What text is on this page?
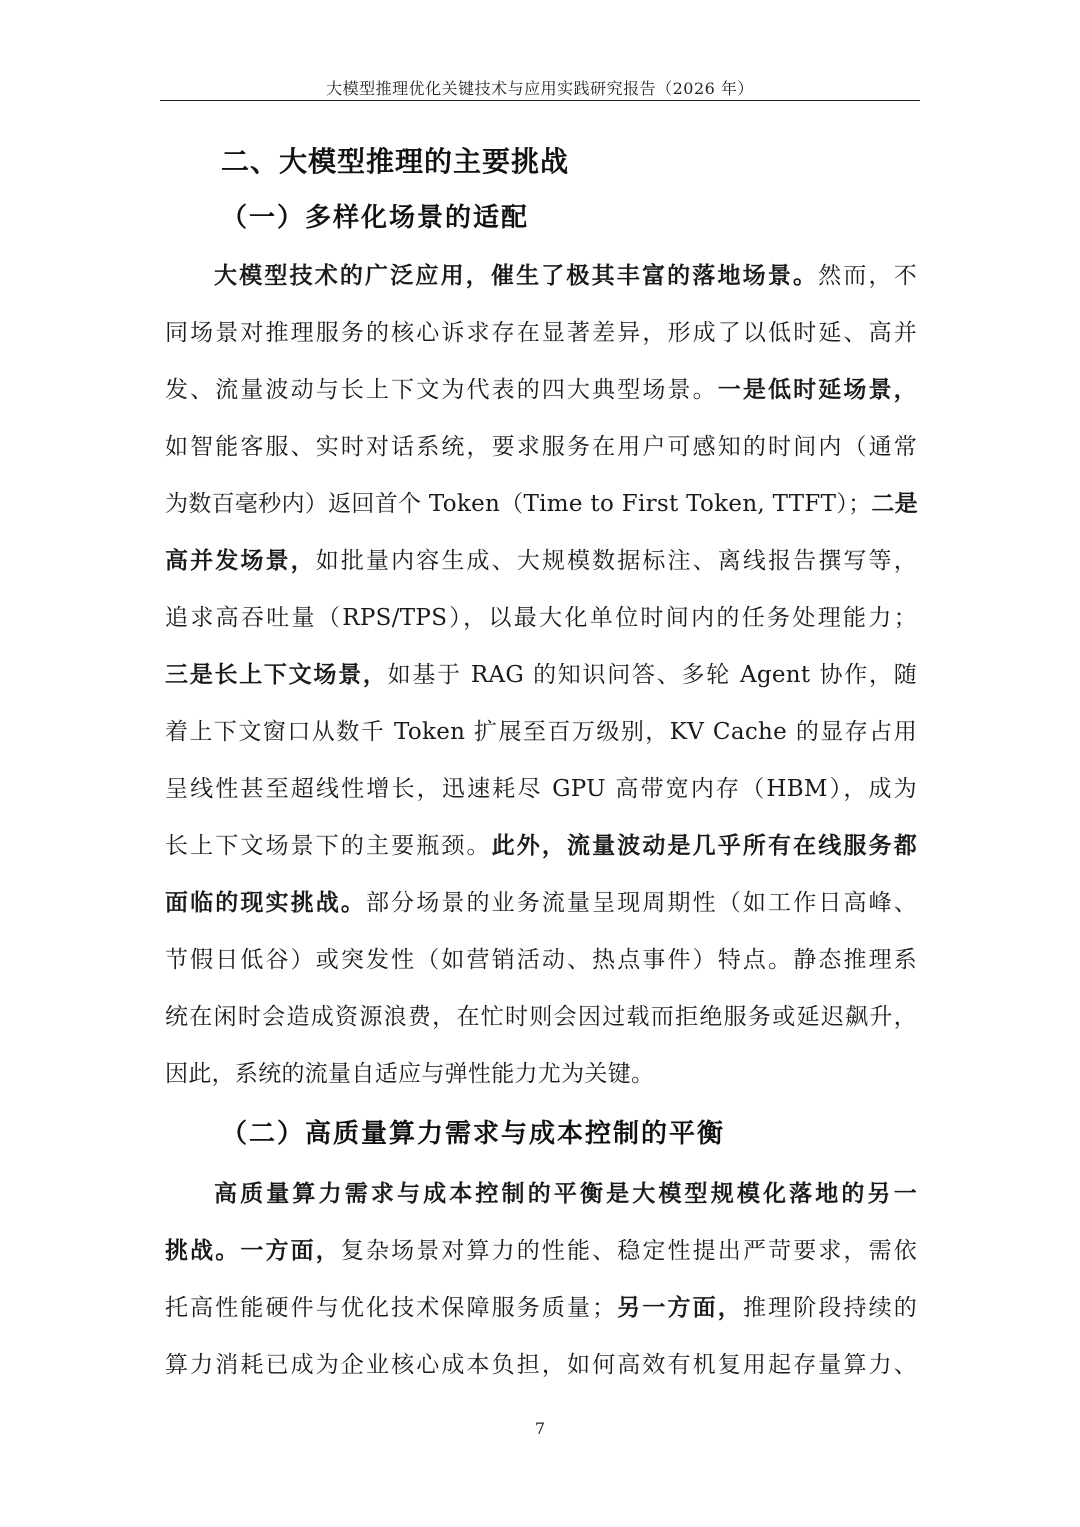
大模型推理优化关键技术与应用实践研究报告（2026 年）
二、大模型推理的主要挑战
（一）多样化场景的适配
大模型技术的广泛应用，催生了极其丰富的落地场景。然而，不
同场景对推理服务的核心诉求存在显著差异，形成了以低时延、高并
发、流量波动与长上下文为代表的四大典型场景。一是低时延场景，
如智能客服、实时对话系统，要求服务在用户可感知的时间内（通常
为数百毫秒内）返回首个 Token（Time to First Token, TTFT）；二是
高并发场景，如批量内容生成、大规模数据标注、离线报告撰写等，
追求高吞吐量（RPS/TPS），以最大化单位时间内的任务处理能力；
三是长上下文场景，如基于 RAG 的知识问答、多轮 Agent 协作，随
着上下文窗口从数千 Token 扩展至百万级别，KV Cache 的显存占用
呈线性甚至超线性增长，迅速耗尽 GPU 高带宽内存（HBM），成为
长上下文场景下的主要瓶颈。此外，流量波动是几乎所有在线服务都
面临的现实挑战。部分场景的业务流量呈现周期性（如工作日高峰、
节假日低谷）或突发性（如营销活动、热点事件）特点。静态推理系
统在闲时会造成资源浪费，在忙时则会因过载而拒绝服务或延迟飙升，
因此，系统的流量自适应与弹性能力尤为关键。
（二）高质量算力需求与成本控制的平衡
高质量算力需求与成本控制的平衡是大模型规模化落地的另一
挑战。一方面，复杂场景对算力的性能、稳定性提出严苛要求，需依
托高性能硬件与优化技术保障服务质量；另一方面，推理阶段持续的
算力消耗已成为企业核心成本负担，如何高效有机复用起存量算力、
7
